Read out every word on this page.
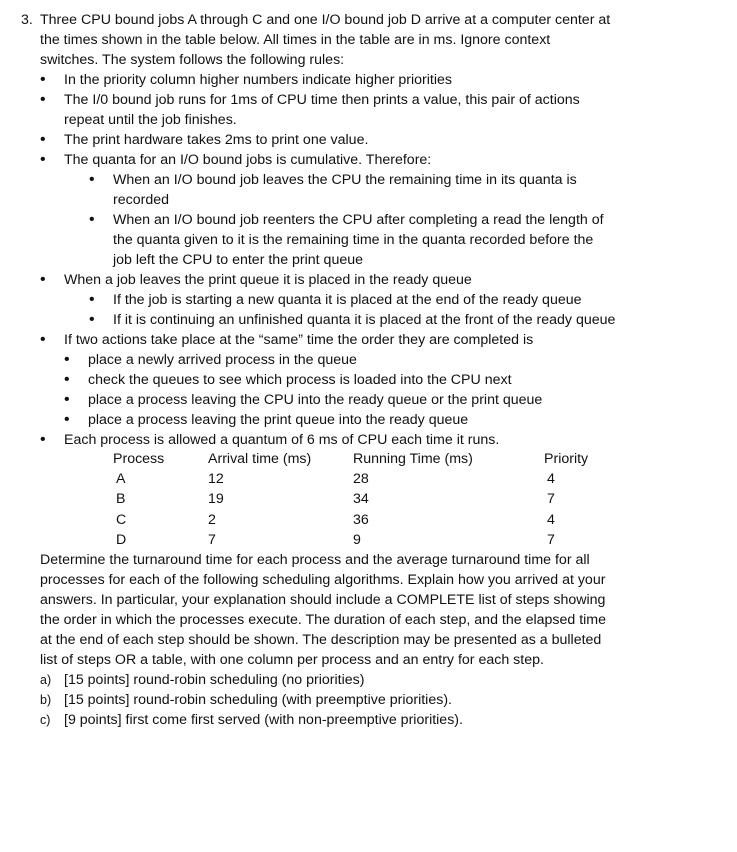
3. Three CPU bound jobs A through C and one I/O bound job D arrive at a computer center at
the times shown in the table below. All times in the table are in ms. Ignore context
switches. The system follows the following rules:
• In the priority column higher numbers indicate higher priorities
• The I/0 bound job runs for 1ms of CPU time then prints a value, this pair of actions
repeat until the job finishes.
• The print hardware takes 2ms to print one value.
• The quanta for an I/O bound jobs is cumulative. Therefore:
• When an I/O bound job leaves the CPU the remaining time in its quanta is
recorded
• When an I/O bound job reenters the CPU after completing a read the length of
the quanta given to it is the remaining time in the quanta recorded before the
job left the CPU to enter the print queue
• When a job leaves the print queue it is placed in the ready queue
• If the job is starting a new quanta it is placed at the end of the ready queue
• If it is continuing an unfinished quanta it is placed at the front of the ready queue
• If two actions take place at the “same” time the order they are completed is
• place a newly arrived process in the queue
• check the queues to see which process is loaded into the CPU next
• place a process leaving the CPU into the ready queue or the print queue
• place a process leaving the print queue into the ready queue
• Each process is allowed a quantum of 6 ms of CPU each time it runs.
Process	Arrival time (ms)	Running Time (ms)	Priority
A	12	28	4
B	19	34	7
C	2	36	4
D	7	9	7
Determine the turnaround time for each process and the average turnaround time for all
processes for each of the following scheduling algorithms. Explain how you arrived at your
answers. In particular, your explanation should include a COMPLETE list of steps showing
the order in which the processes execute. The duration of each step, and the elapsed time
at the end of each step should be shown. The description may be presented as a bulleted
list of steps OR a table, with one column per process and an entry for each step.
a) [15 points] round-robin scheduling (no priorities)
b) [15 points] round-robin scheduling (with preemptive priorities).
c) [9 points] first come first served (with non-preemptive priorities).
